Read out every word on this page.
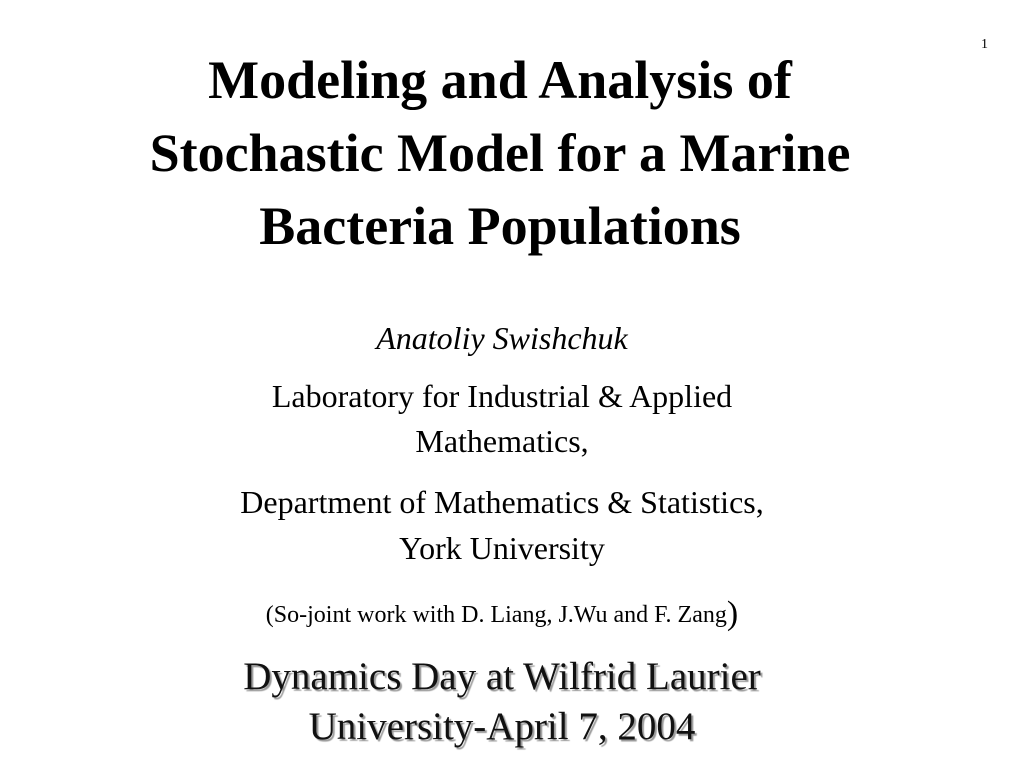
1
Modeling and Analysis of
Stochastic Model for a Marine
Bacteria Populations

Anatoliy Swishchuk

Laboratory for Industrial & Applied
Mathematics,

Department of Mathematics & Statistics,
York University

(So-joint work with D. Liang, J.Wu and F. Zang)

Dynamics Day at Wilfrid Laurier
University-April 7, 2004
